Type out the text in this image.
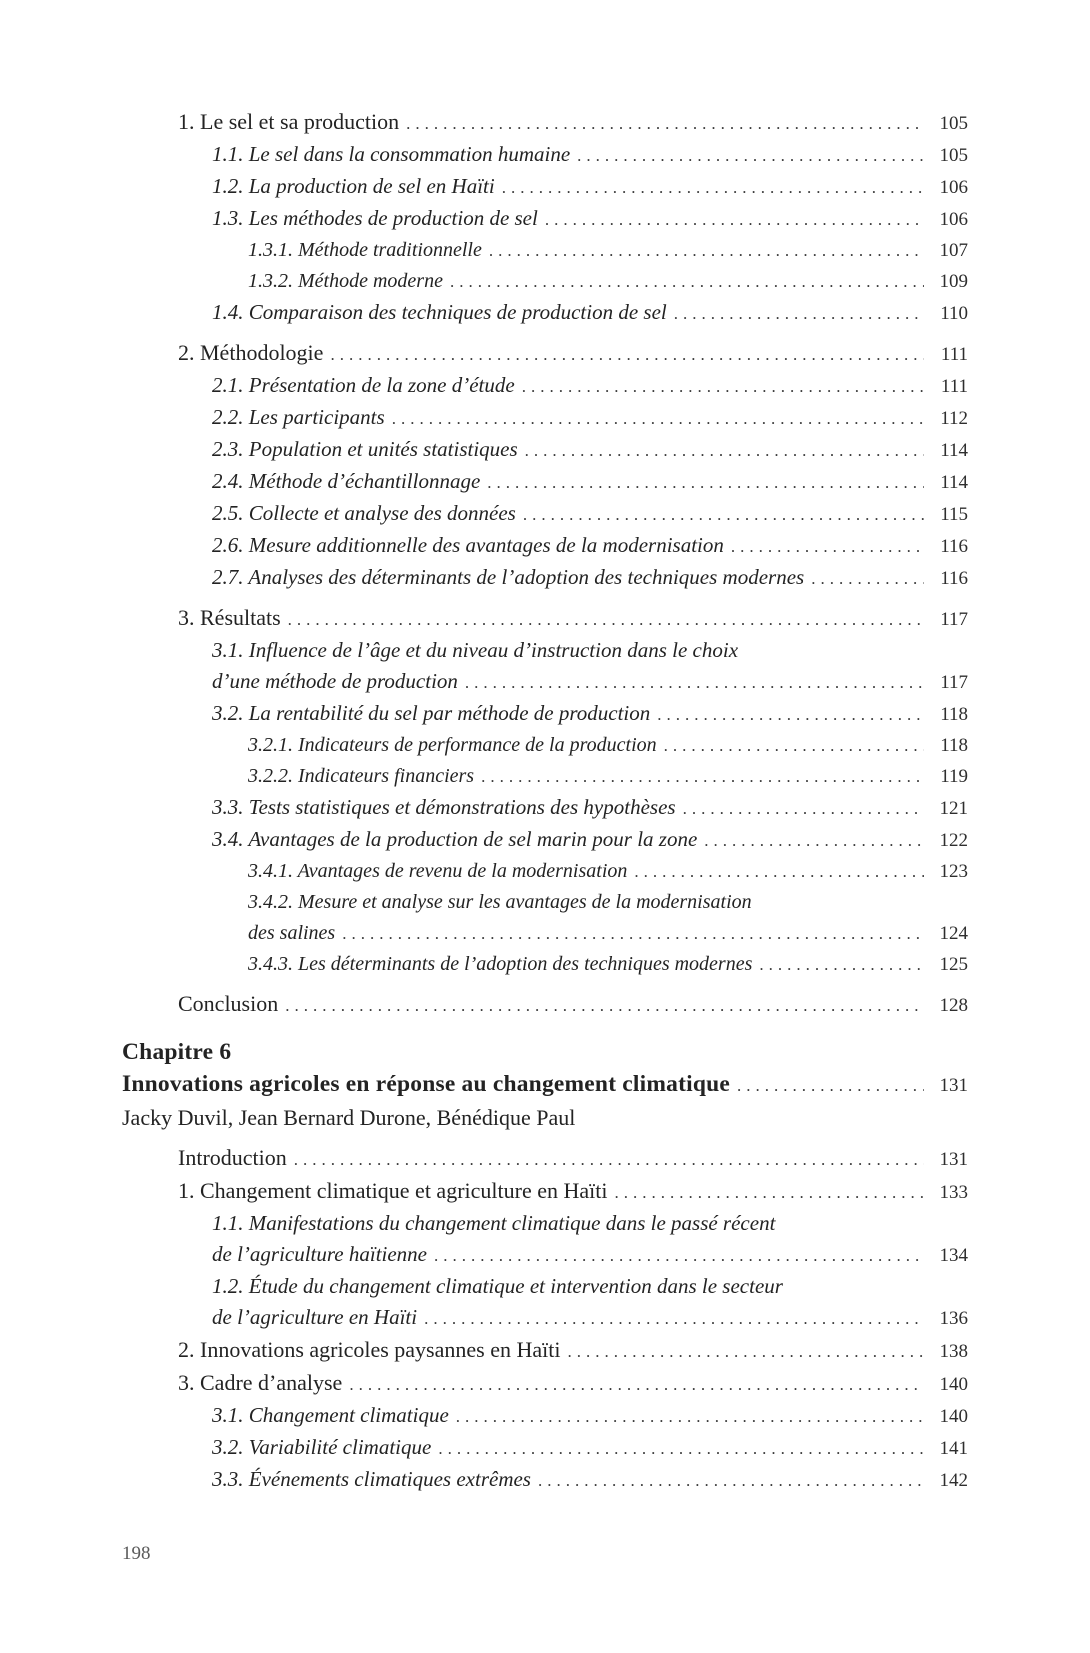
1. Le sel et sa production .....	105
1.1. Le sel dans la consommation humaine .....	105
1.2. La production de sel en Haïti .....	106
1.3. Les méthodes de production de sel .....	106
1.3.1. Méthode traditionnelle .....	107
1.3.2. Méthode moderne .....	109
1.4. Comparaison des techniques de production de sel .....	110
2. Méthodologie .....	111
2.1. Présentation de la zone d’étude .....	111
2.2. Les participants .....	112
2.3. Population et unités statistiques .....	114
2.4. Méthode d’échantillonnage .....	114
2.5. Collecte et analyse des données .....	115
2.6. Mesure additionnelle des avantages de la modernisation .....	116
2.7. Analyses des déterminants de l’adoption des techniques modernes .....	116
3. Résultats .....	117
3.1. Influence de l’âge et du niveau d’instruction dans le choix
d’une méthode de production .....	117
3.2. La rentabilité du sel par méthode de production .....	118
3.2.1. Indicateurs de performance de la production .....	118
3.2.2. Indicateurs financiers .....	119
3.3. Tests statistiques et démonstrations des hypothèses .....	121
3.4. Avantages de la production de sel marin pour la zone .....	122
3.4.1. Avantages de revenu de la modernisation .....	123
3.4.2. Mesure et analyse sur les avantages de la modernisation
des salines .....	124
3.4.3. Les déterminants de l’adoption des techniques modernes .....	125
Conclusion .....	128
Chapitre 6
Innovations agricoles en réponse au changement climatique .....	131
Jacky Duvil, Jean Bernard Durone, Bénédique Paul
Introduction .....	131
1. Changement climatique et agriculture en Haïti .....	133
1.1. Manifestations du changement climatique dans le passé récent
de l’agriculture haïtienne .....	134
1.2. Étude du changement climatique et intervention dans le secteur
de l’agriculture en Haïti .....	136
2. Innovations agricoles paysannes en Haïti .....	138
3. Cadre d’analyse .....	140
3.1. Changement climatique .....	140
3.2. Variabilité climatique .....	141
3.3. Événements climatiques extrêmes .....	142
198
